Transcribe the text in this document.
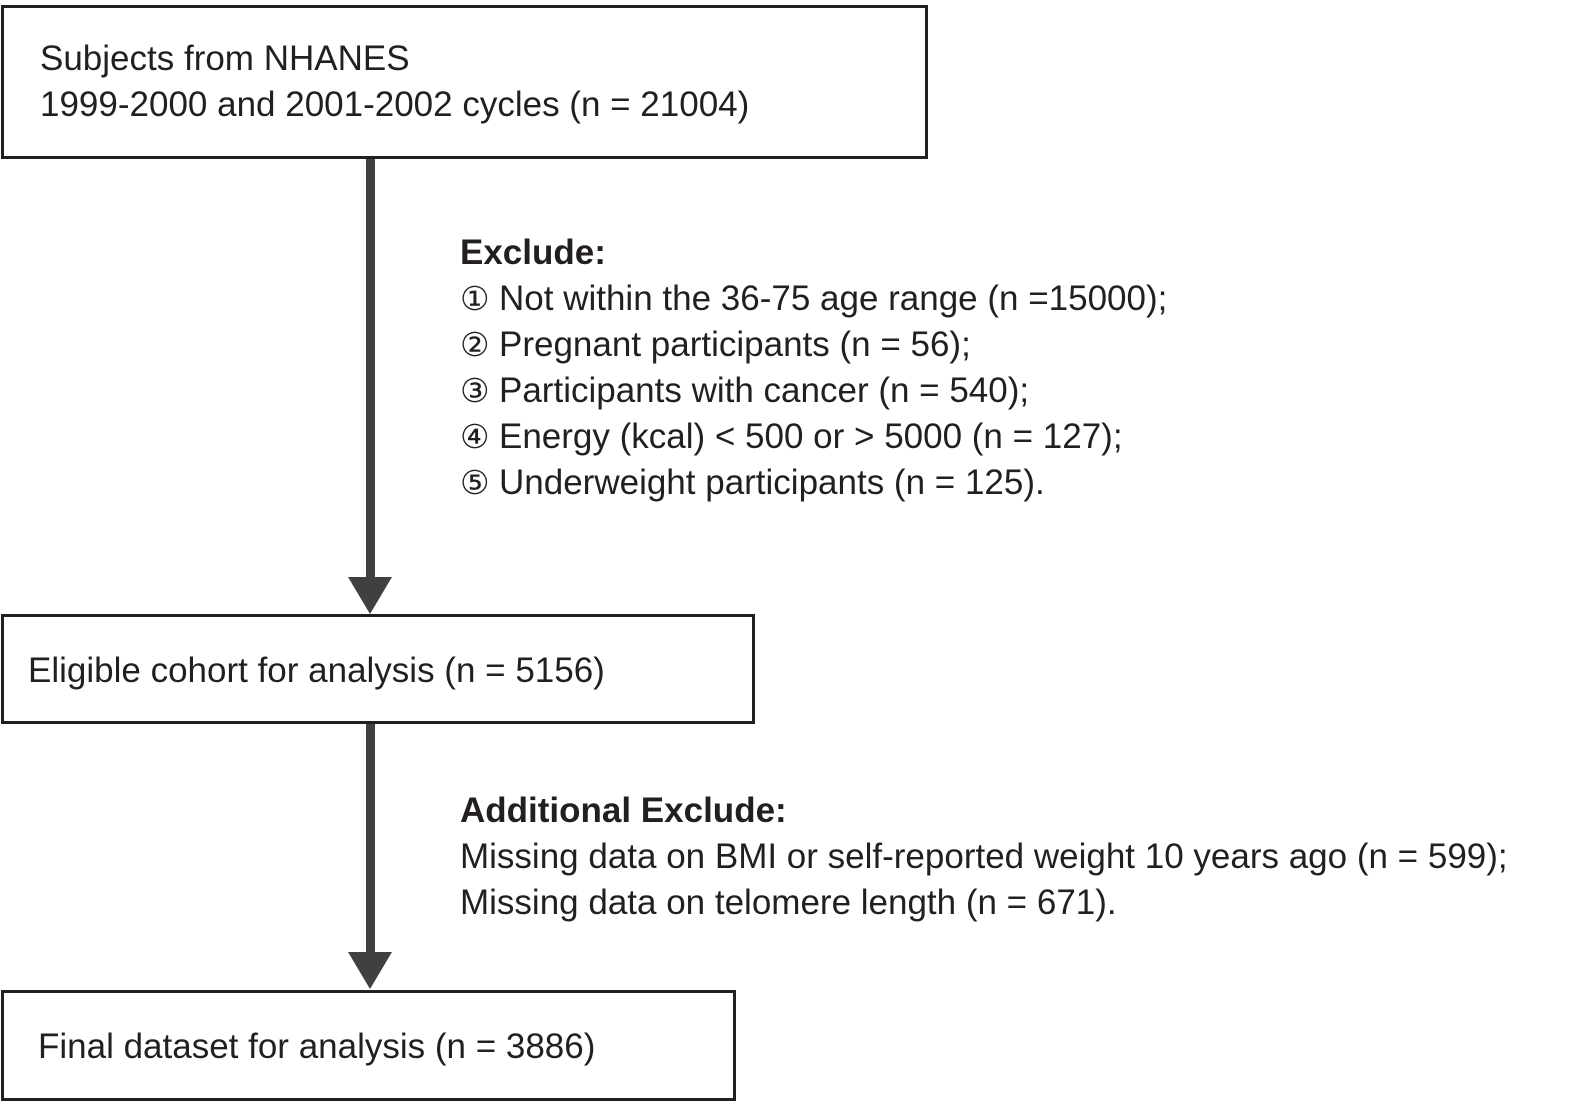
Subjects from NHANES
1999-2000 and 2001-2002 cycles (n = 21004)
Exclude:
① Not within the 36-75 age range (n =15000);
② Pregnant participants (n = 56);
③ Participants with cancer (n = 540);
④ Energy (kcal) < 500 or > 5000 (n = 127);
⑤ Underweight participants (n = 125).
Eligible cohort for analysis (n = 5156)
Additional Exclude:
Missing data on BMI or self-reported weight 10 years ago (n = 599);
Missing data on telomere length (n = 671).
Final dataset for analysis (n = 3886)
